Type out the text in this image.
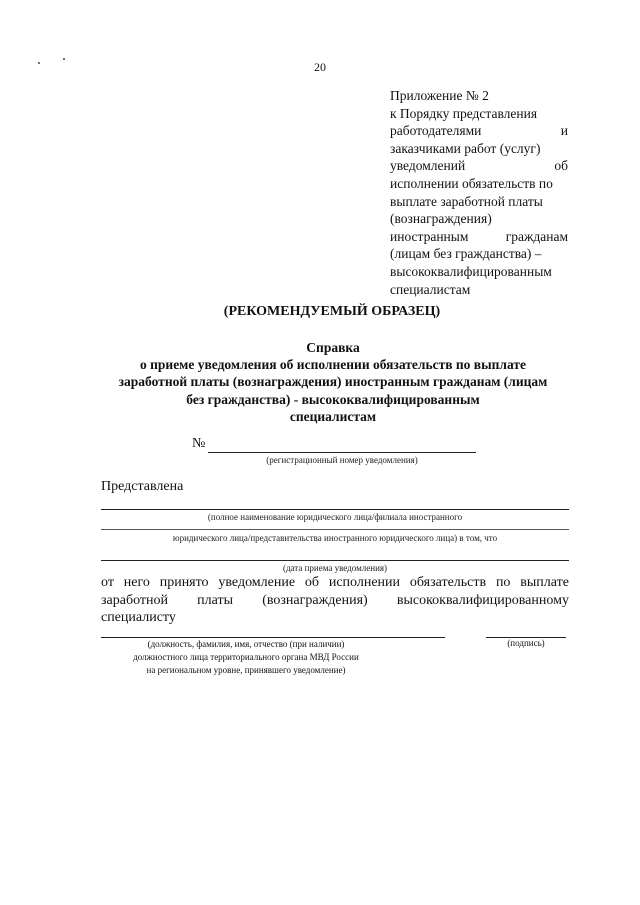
20
Приложение № 2
к Порядку представления
работодателями	и
заказчиками работ (услуг)
уведомлений	об
исполнении обязательств по
выплате заработной платы
(вознаграждения)
иностранным	гражданам
(лицам без гражданства) –
высококвалифицированным
специалистам
(РЕКОМЕНДУЕМЫЙ ОБРАЗЕЦ)
Справка
о приеме уведомления об исполнении обязательств по выплате
заработной платы (вознаграждения) иностранным гражданам (лицам
без гражданства) - высококвалифицированным
специалистам
№
(регистрационный номер уведомления)
Представлена
(полное наименование юридического лица/филиала иностранного
юридического лица/представительства иностранного юридического лица) в том, что
(дата приема уведомления)
от него принято уведомление об исполнении обязательств по выплате
заработной платы (вознаграждения) высококвалифицированному
специалисту
(должность, фамилия, имя, отчество (при наличии)
должностного лица территориального органа МВД России
на региональном уровне, принявшего уведомление)
(подпись)
